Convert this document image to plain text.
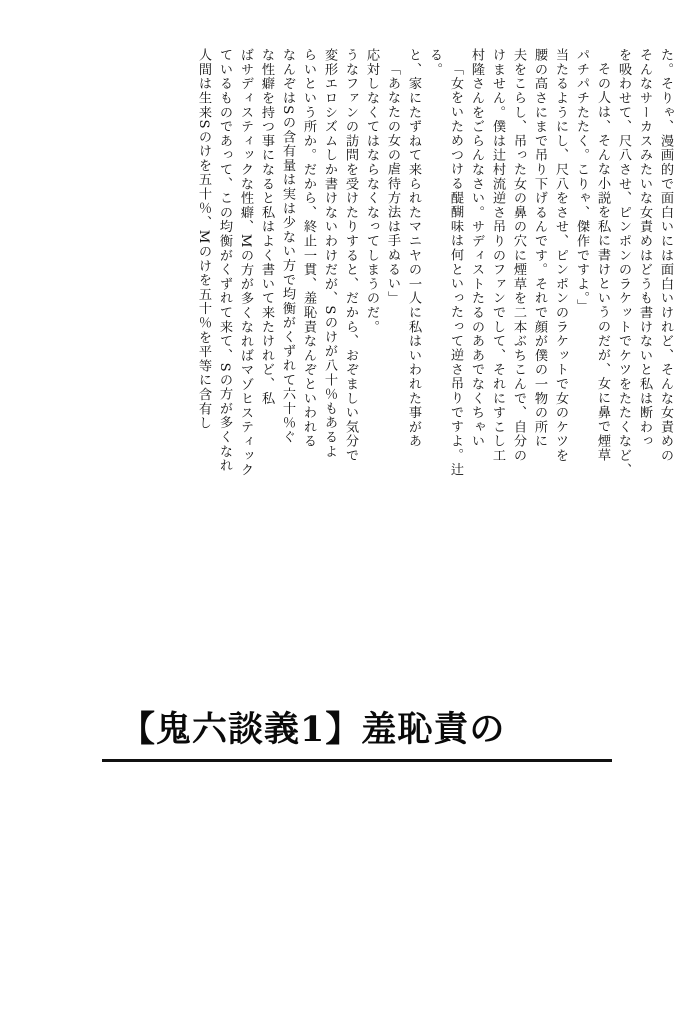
人間は生来Sのけを五十％、Mのけを五十％を平等に含有し ているものであって、この均衡がくずれて来て、Sの方が多くなれ ばサディスティックな性癖、Mの方が多くなればマゾヒスティック な性癖を持つ事になると私はよく書いて来たけれど、私 なんぞはSの含有量は実は少ない方で均衡がくずれて六十％ぐ らいという所か。だから、終止一貫、羞恥責なんぞといわれる 変形エロシズムしか書けないわけだが、Sのけが八十％もあるよ うなファンの訪問を受けたりすると、だから、おぞましい気分で 応対しなくてはならなくなってしまうのだ。 「あなたの女の虐待方法は手ぬるい」 と、家にたずねて来られたマニヤの一人に私はいわれた事があ る。 「女をいためつける醍醐味は何といったって逆さ吊りですよ。辻 村隆さんをごらんなさい。サディストたるのああでなくちゃい けません。僕は辻村流逆さ吊りのファンでして、それにすこし工 夫をこらし、吊った女の鼻の穴に煙草を二本ぶちこんで、自分の 腰の高さにまで吊り下げるんです。それで顔が僕の一物の所に 当たるようにし、尺八をさせ、ピンポンのラケットで女のケツを パチパチたたく。こりゃ、傑作ですよ。」 その人は、そんな小説を私に書けというのだが、女に鼻で煙草 を吸わせて、尺八させ、ピンポンのラケットでケツをたたくなど、 そんなサーカスみたいな女責めはどうも書けないと私は断わっ た。そりゃ、漫画的で面白いには面白いけれど、そんな女責めの
【鬼六談義1】羞恥責の
